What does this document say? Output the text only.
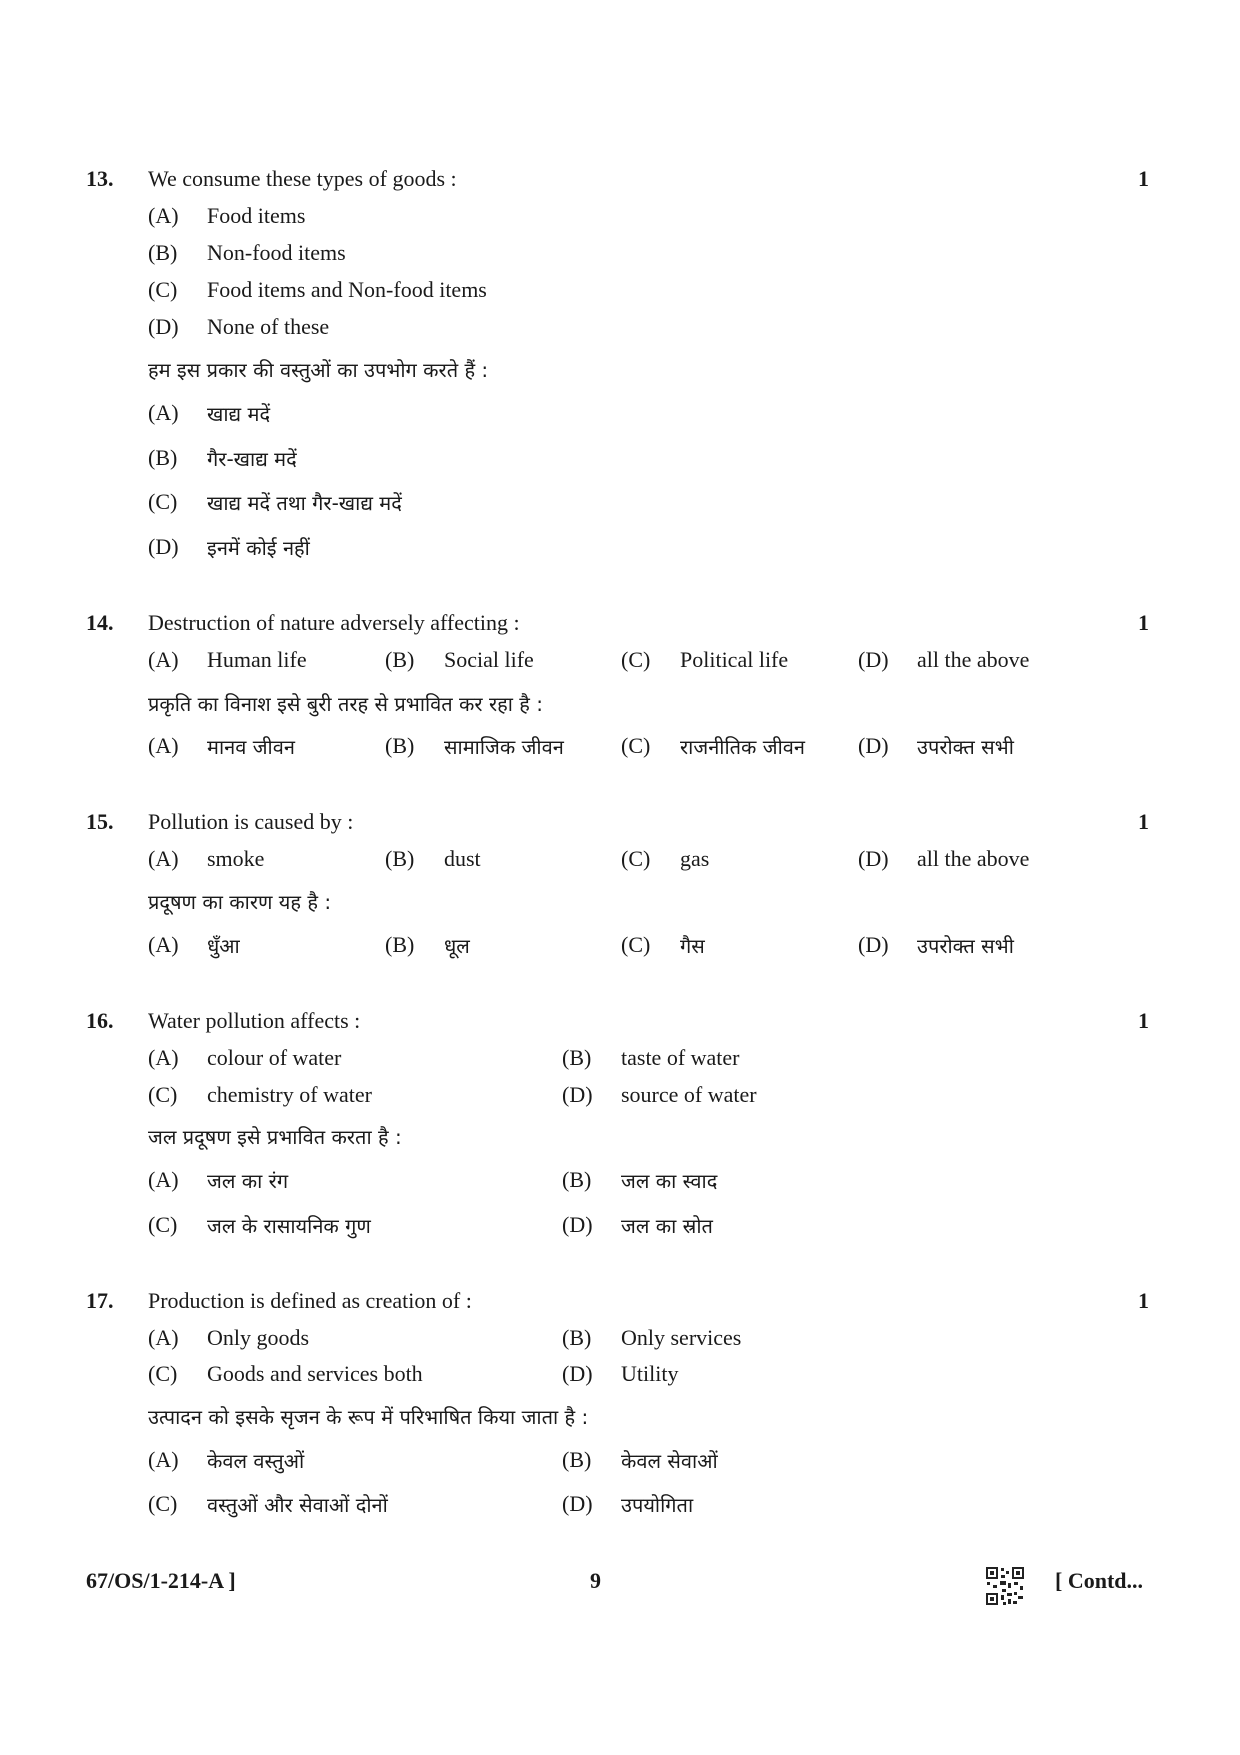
13. We consume these types of goods :	1
(A) Food items
(B) Non-food items
(C) Food items and Non-food items
(D) None of these
हम इस प्रकार की वस्तुओं का उपभोग करते हैं :
(A) खाद्य मदें
(B) गैर-खाद्य मदें
(C) खाद्य मदें तथा गैर-खाद्य मदें
(D) इनमें कोई नहीं
14. Destruction of nature adversely affecting :	1
(A) Human life	(B) Social life	(C) Political life	(D) all the above
प्रकृति का विनाश इसे बुरी तरह से प्रभावित कर रहा है :
(A) मानव जीवन	(B) सामाजिक जीवन	(C) राजनीतिक जीवन (D) उपरोक्त सभी
15. Pollution is caused by :	1
(A) smoke	(B) dust	(C) gas	(D) all the above
प्रदूषण का कारण यह है :
(A) धुँआ	(B) धूल	(C) गैस	(D) उपरोक्त सभी
16. Water pollution affects :	1
(A) colour of water	(B) taste of water
(C) chemistry of water	(D) source of water
जल प्रदूषण इसे प्रभावित करता है :
(A) जल का रंग	(B) जल का स्वाद
(C) जल के रासायनिक गुण	(D) जल का स्रोत
17. Production is defined as creation of :	1
(A) Only goods	(B) Only services
(C) Goods and services both	(D) Utility
उत्पादन को इसके सृजन के रूप में परिभाषित किया जाता है :
(A) केवल वस्तुओं	(B) केवल सेवाओं
(C) वस्तुओं और सेवाओं दोनों	(D) उपयोगिता
67/OS/1-214-A ]	9	[ Contd...
